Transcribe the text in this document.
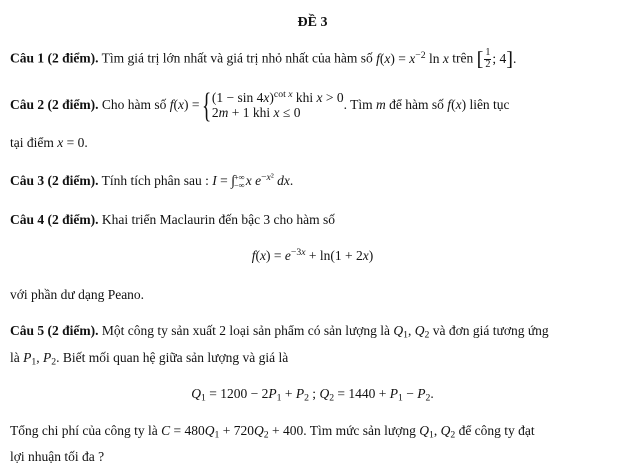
ĐỀ 3
Câu 1 (2 điểm). Tìm giá trị lớn nhất và giá trị nhỏ nhất của hàm số $f(x) = x^{-2}$ ln x trên [ $\frac{1}{2}$ ; 4].
Câu 2 (2 điểm). Cho hàm số f(x) = { $(1 - \sin 4x)^{cot x}$ khi x > 0
2m + 1 khi x ≤ 0
. Tìm m để hàm số f(x) liên tục
tại điểm x = 0.
Câu 3 (2 điểm). Tính tích phân sau : I = ∫ +∞
−∞ x $e^{-x^2}$ dx.
Câu 4 (2 điểm). Khai triển Maclaurin đến bậc 3 cho hàm số
$f(x) = e^{-3x} + \ln(1 + 2x)$
với phần dư dạng Peano.
Câu 5 (2 điểm). Một công ty sản xuất 2 loại sản phẩm có sản lượng là $Q_1$, $Q_2$ và đơn giá tương ứng
là $P_1$, $P_2$. Biết mối quan hệ giữa sản lượng và giá là
$Q_1 = 1200 - 2P_1 + P_2$ ; $Q_2 = 1440 + P_1 - P_2$.
Tổng chi phí của công ty là $C = 480Q_1 + 720Q_2 + 400$. Tìm mức sản lượng $Q_1$, $Q_2$ để công ty đạt
lợi nhuận tối đa ?
